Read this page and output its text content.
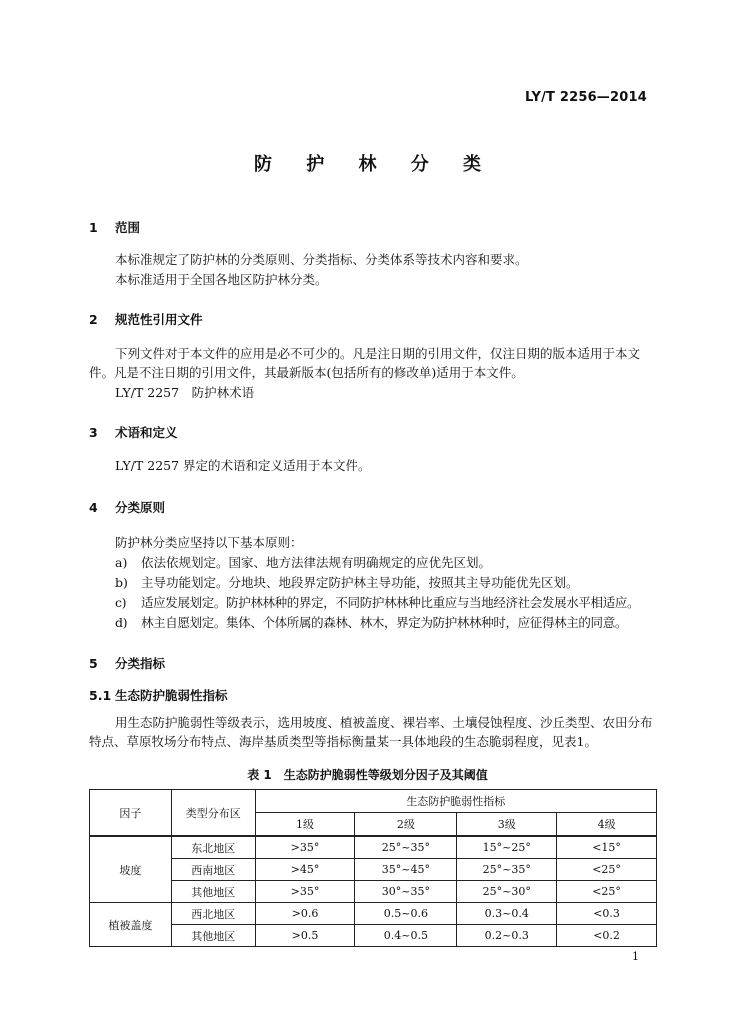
LY/T 2256—2014
防 护 林 分 类
1 范围
本标准规定了防护林的分类原则、分类指标、分类体系等技术内容和要求。
本标准适用于全国各地区防护林分类。
2 规范性引用文件
下列文件对于本文件的应用是必不可少的。凡是注日期的引用文件，仅注日期的版本适用于本文件。凡是不注日期的引用文件，其最新版本(包括所有的修改单)适用于本文件。
LY/T 2257　防护林术语
3 术语和定义
LY/T 2257 界定的术语和定义适用于本文件。
4 分类原则
防护林分类应坚持以下基本原则：
a) 依法依规划定。国家、地方法律法规有明确规定的应优先区划。
b) 主导功能划定。分地块、地段界定防护林主导功能，按照其主导功能优先区划。
c) 适应发展划定。防护林林种的界定，不同防护林林种比重应与当地经济社会发展水平相适应。
d) 林主自愿划定。集体、个体所属的森林、林木，界定为防护林林种时，应征得林主的同意。
5 分类指标
5.1 生态防护脆弱性指标
用生态防护脆弱性等级表示，选用坡度、植被盖度、裸岩率、土壤侵蚀程度、沙丘类型、农田分布特点、草原牧场分布特点、海岸基质类型等指标衡量某一具体地段的生态脆弱程度，见表1。
表 1　生态防护脆弱性等级划分因子及其阈值
因子	类型分布区	生态防护脆弱性指标			
		1级	2级	3级	4级
坡度	东北地区	>35°	25°~35°	15°~25°	<15°
	西南地区	>45°	35°~45°	25°~35°	<25°
	其他地区	>35°	30°~35°	25°~30°	<25°
植被盖度	西北地区	>0.6	0.5~0.6	0.3~0.4	<0.3
	其他地区	>0.5	0.4~0.5	0.2~0.3	<0.2
1
